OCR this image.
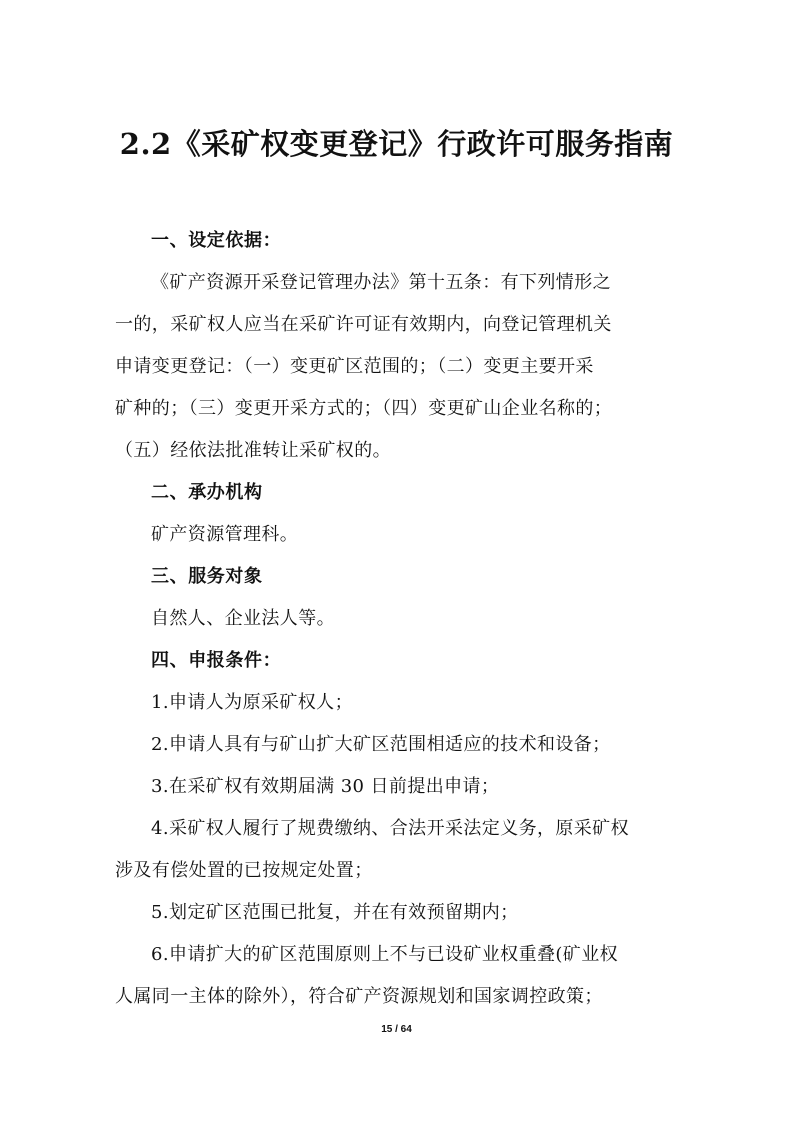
2.2《采矿权变更登记》行政许可服务指南
一、设定依据：
《矿产资源开采登记管理办法》第十五条：有下列情形之
一的，采矿权人应当在采矿许可证有效期内，向登记管理机关
申请变更登记：（一）变更矿区范围的；（二）变更主要开采
矿种的；（三）变更开采方式的；（四）变更矿山企业名称的；
（五）经依法批准转让采矿权的。
二、承办机构
矿产资源管理科。
三、服务对象
自然人、企业法人等。
四、申报条件：
1.申请人为原采矿权人；
2.申请人具有与矿山扩大矿区范围相适应的技术和设备；
3.在采矿权有效期届满 30 日前提出申请；
4.采矿权人履行了规费缴纳、合法开采法定义务，原采矿权
涉及有偿处置的已按规定处置；
5.划定矿区范围已批复，并在有效预留期内；
6.申请扩大的矿区范围原则上不与已设矿业权重叠(矿业权
人属同一主体的除外），符合矿产资源规划和国家调控政策；
15 / 64
